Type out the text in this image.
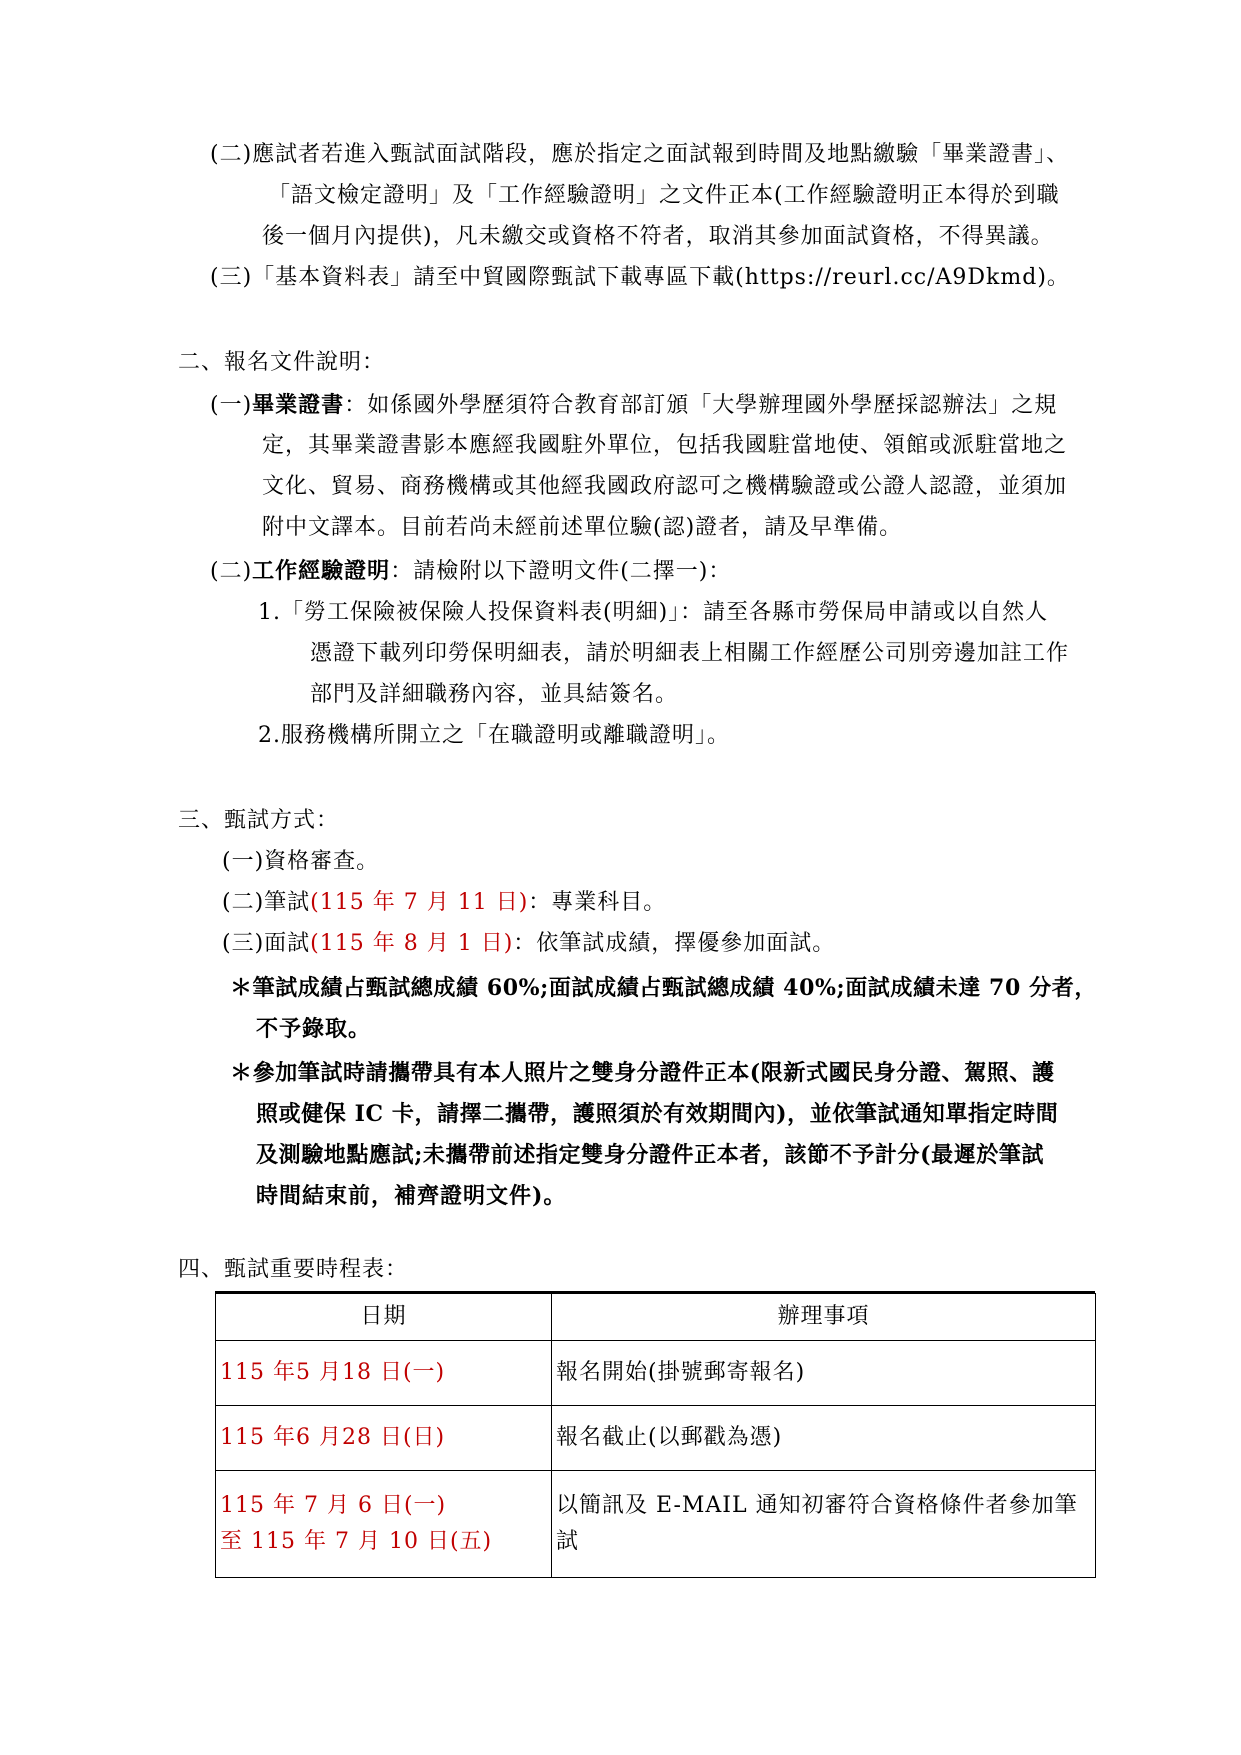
(二)應試者若進入甄試面試階段，應於指定之面試報到時間及地點繳驗「畢業證書」、
「語文檢定證明」及「工作經驗證明」之文件正本(工作經驗證明正本得於到職
後一個月內提供)，凡未繳交或資格不符者，取消其參加面試資格，不得異議。
(三)「基本資料表」請至中貿國際甄試下載專區下載(https://reurl.cc/A9Dkmd)。
二、報名文件說明：
(一)畢業證書：如係國外學歷須符合教育部訂頒「大學辦理國外學歷採認辦法」之規
定，其畢業證書影本應經我國駐外單位，包括我國駐當地使、領館或派駐當地之
文化、貿易、商務機構或其他經我國政府認可之機構驗證或公證人認證，並須加
附中文譯本。目前若尚未經前述單位驗(認)證者，請及早準備。
(二)工作經驗證明：請檢附以下證明文件(二擇一)：
1.「勞工保險被保險人投保資料表(明細)」：請至各縣市勞保局申請或以自然人
憑證下載列印勞保明細表，請於明細表上相關工作經歷公司別旁邊加註工作
部門及詳細職務內容，並具結簽名。
2.服務機構所開立之「在職證明或離職證明」。
三、甄試方式：
(一)資格審查。
(二)筆試(115 年 7 月 11 日)：專業科目。
(三)面試(115 年 8 月 1 日)：依筆試成績，擇優參加面試。
＊筆試成績占甄試總成績 60%;面試成績占甄試總成績 40%;面試成績未達 70 分者，
不予錄取。
＊參加筆試時請攜帶具有本人照片之雙身分證件正本(限新式國民身分證、駕照、護
照或健保 IC 卡，請擇二攜帶，護照須於有效期間內)，並依筆試通知單指定時間
及測驗地點應試;未攜帶前述指定雙身分證件正本者，該節不予計分(最遲於筆試
時間結束前，補齊證明文件)。
四、甄試重要時程表：
日期	辦理事項
115 年5 月18 日(一)	報名開始(掛號郵寄報名)
115 年6 月28 日(日)	報名截止(以郵戳為憑)

115 年 7 月 6 日(一)
至 115 年 7 月 10 日(五)	以簡訊及 E-MAIL 通知初審符合資格條件者參加筆試
